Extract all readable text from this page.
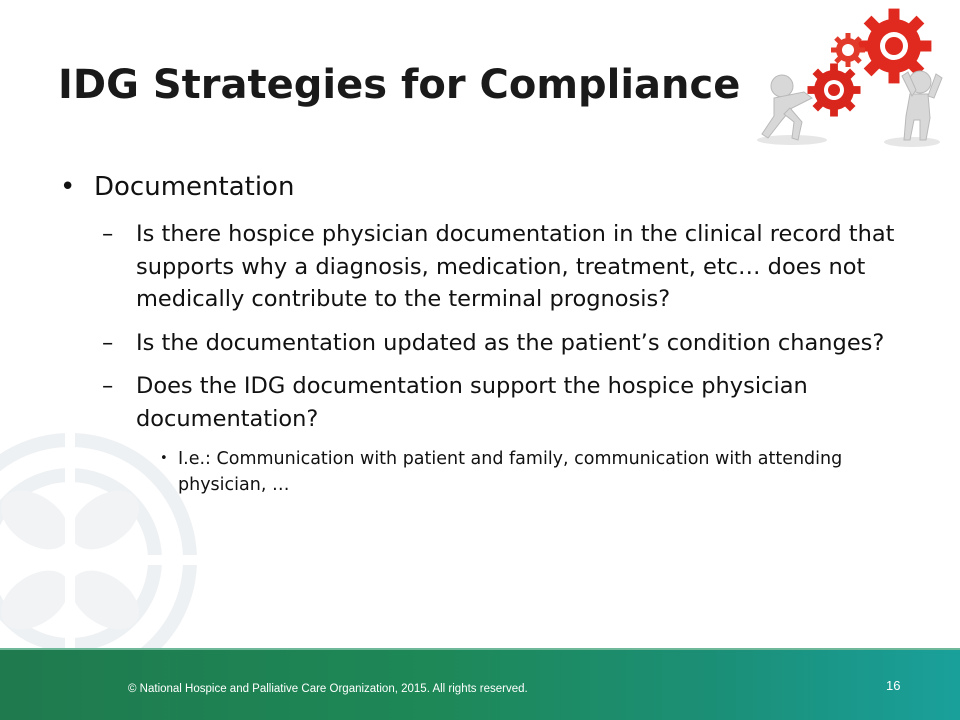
IDG Strategies for Compliance
• Documentation
– Is there hospice physician documentation in the clinical record that supports why a diagnosis, medication, treatment, etc… does not medically contribute to the terminal prognosis?
– Is the documentation updated as the patient’s condition changes?
– Does the IDG documentation support the hospice physician documentation?
• I.e.: Communication with patient and family, communication with attending physician, …
© National Hospice and Palliative Care Organization, 2015. All rights reserved.	16
